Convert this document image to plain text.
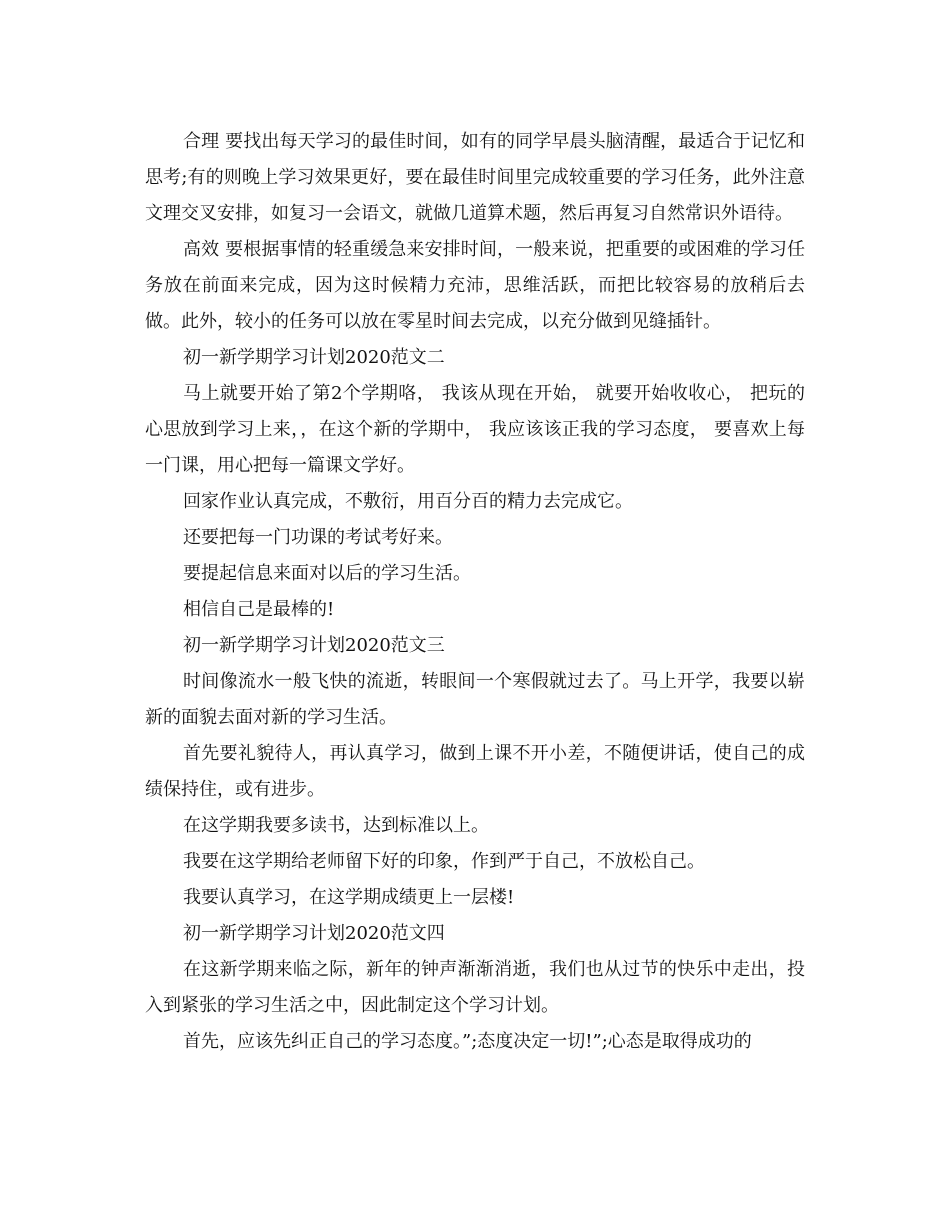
合理 要找出每天学习的最佳时间，如有的同学早晨头脑清醒，最适合于记忆和思考;有的则晚上学习效果更好，要在最佳时间里完成较重要的学习任务，此外注意文理交叉安排，如复习一会语文，就做几道算术题，然后再复习自然常识外语待。

高效 要根据事情的轻重缓急来安排时间，一般来说，把重要的或困难的学习任务放在前面来完成，因为这时候精力充沛，思维活跃，而把比较容易的放稍后去做。此外，较小的任务可以放在零星时间去完成，以充分做到见缝插针。

初一新学期学习计划2020范文二

马上就要开始了第2个学期咯， 我该从现在开始， 就要开始收收心， 把玩的心思放到学习上来，，在这个新的学期中， 我应该该正我的学习态度， 要喜欢上每一门课，用心把每一篇课文学好。

回家作业认真完成，不敷衍，用百分百的精力去完成它。

还要把每一门功课的考试考好来。

要提起信息来面对以后的学习生活。

相信自己是最棒的!

初一新学期学习计划2020范文三

时间像流水一般飞快的流逝，转眼间一个寒假就过去了。马上开学，我要以崭新的面貌去面对新的学习生活。

首先要礼貌待人，再认真学习，做到上课不开小差，不随便讲话，使自己的成绩保持住，或有进步。

在这学期我要多读书，达到标准以上。

我要在这学期给老师留下好的印象，作到严于自己，不放松自己。

我要认真学习，在这学期成绩更上一层楼!

初一新学期学习计划2020范文四

在这新学期来临之际，新年的钟声渐渐消逝，我们也从过节的快乐中走出，投入到紧张的学习生活之中，因此制定这个学习计划。

首先，应该先纠正自己的学习态度。”;态度决定一切!”;心态是取得成功的
